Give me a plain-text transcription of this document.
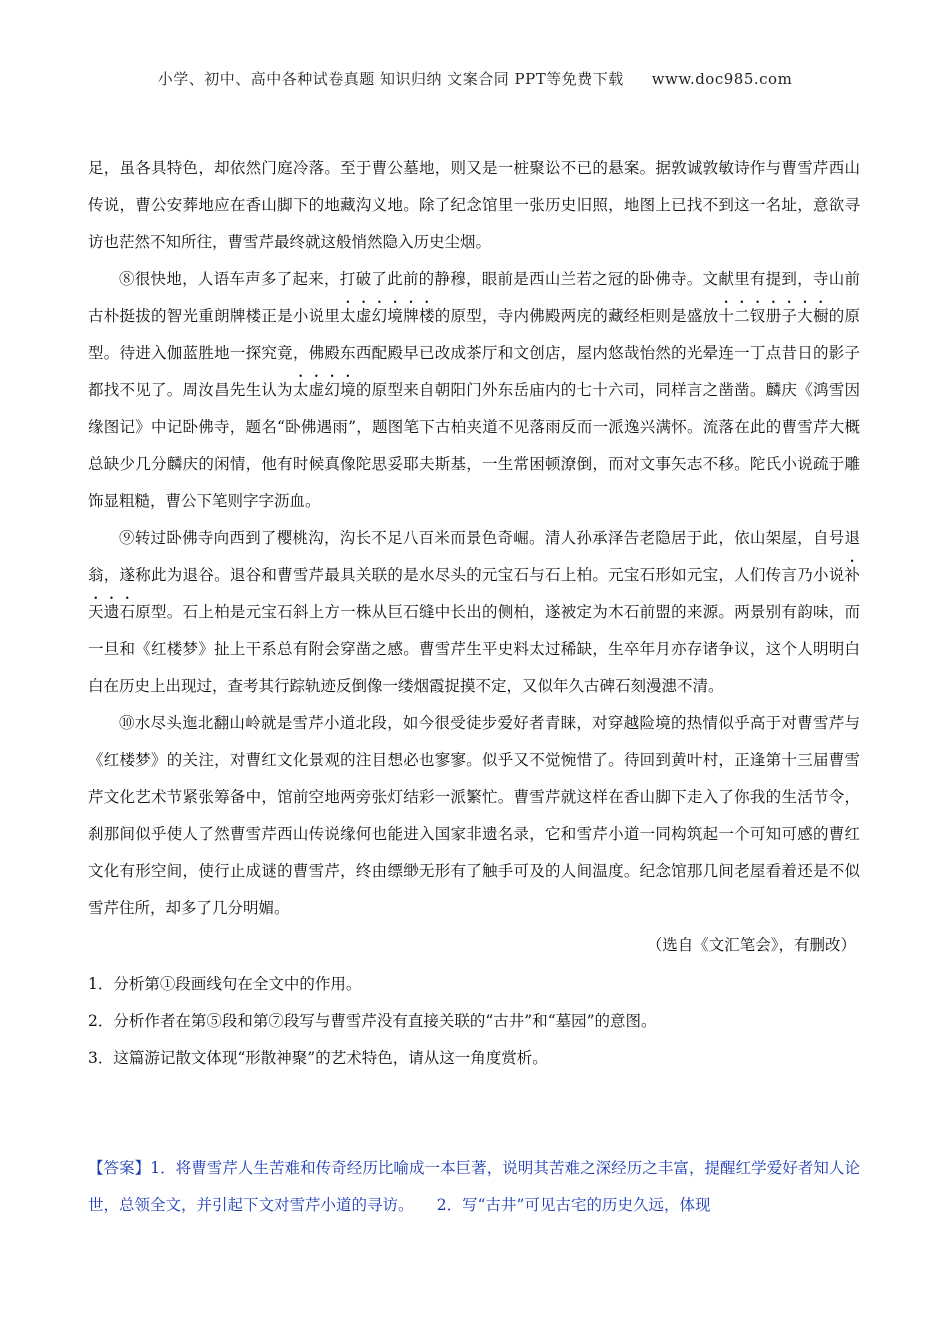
小学、初中、高中各种试卷真题 知识归纳 文案合同 PPT等免费下载 www.doc985.com

足，虽各具特色，却依然门庭冷落。至于曹公墓地，则又是一桩聚讼不已的悬案。据敦诚敦敏诗作与曹雪芹西山传说，曹公安葬地应在香山脚下的地藏沟义地。除了纪念馆里一张历史旧照，地图上已找不到这一名址，意欲寻访也茫然不知所往，曹雪芹最终就这般悄然隐入历史尘烟。

⑧很快地，人语车声多了起来，打破了此前的静穆，眼前是西山兰若之冠的卧佛寺。文献里有提到，寺山前古朴挺拔的智光重朗牌楼正是小说里太虚幻境牌楼的原型，寺内佛殿两庑的藏经柜则是盛放十二钗册子大橱的原型。待进入伽蓝胜地一探究竟，佛殿东西配殿早已改成茶厅和文创店，屋内悠哉怡然的光晕连一丁点昔日的影子都找不见了。周汝昌先生认为太虚幻境的原型来自朝阳门外东岳庙内的七十六司，同样言之凿凿。麟庆《鸿雪因缘图记》中记卧佛寺，题名“卧佛遇雨”，题图笔下古柏夹道不见落雨反而一派逸兴满怀。流落在此的曹雪芹大概总缺少几分麟庆的闲情，他有时候真像陀思妥耶夫斯基，一生常困顿潦倒，而对文事矢志不移。陀氏小说疏于雕饰显粗糙，曹公下笔则字字沥血。

⑨转过卧佛寺向西到了樱桃沟，沟长不足八百米而景色奇崛。清人孙承泽告老隐居于此，依山架屋，自号退翁，遂称此为退谷。退谷和曹雪芹最具关联的是水尽头的元宝石与石上柏。元宝石形如元宝，人们传言乃小说补天遗石原型。石上柏是元宝石斜上方一株从巨石缝中长出的侧柏，遂被定为木石前盟的来源。两景别有韵味，而一旦和《红楼梦》扯上干系总有附会穿凿之感。曹雪芹生平史料太过稀缺，生卒年月亦存诸争议，这个人明明白白在历史上出现过，查考其行踪轨迹反倒像一缕烟霞捉摸不定，又似年久古碑石刻漫漶不清。

⑩水尽头迤北翻山岭就是雪芹小道北段，如今很受徒步爱好者青睐，对穿越险境的热情似乎高于对曹雪芹与《红楼梦》的关注，对曹红文化景观的注目想必也寥寥。似乎又不觉惋惜了。待回到黄叶村，正逢第十三届曹雪芹文化艺术节紧张筹备中，馆前空地两旁张灯结彩一派繁忙。曹雪芹就这样在香山脚下走入了你我的生活节令，刹那间似乎使人了然曹雪芹西山传说缘何也能进入国家非遗名录，它和雪芹小道一同构筑起一个可知可感的曹红文化有形空间，使行止成谜的曹雪芹，终由缥缈无形有了触手可及的人间温度。纪念馆那几间老屋看着还是不似雪芹住所，却多了几分明媚。

（选自《文汇笔会》，有删改）

1．分析第①段画线句在全文中的作用。

2．分析作者在第⑤段和第⑦段写与曹雪芹没有直接关联的“古井”和“墓园”的意图。

3．这篇游记散文体现“形散神聚”的艺术特色，请从这一角度赏析。

【答案】1．将曹雪芹人生苦难和传奇经历比喻成一本巨著，说明其苦难之深经历之丰富，提醒红学爱好者知人论世，总领全文，并引起下文对雪芹小道的寻访。　　2．写“古井”可见古宅的历史久远，体现
